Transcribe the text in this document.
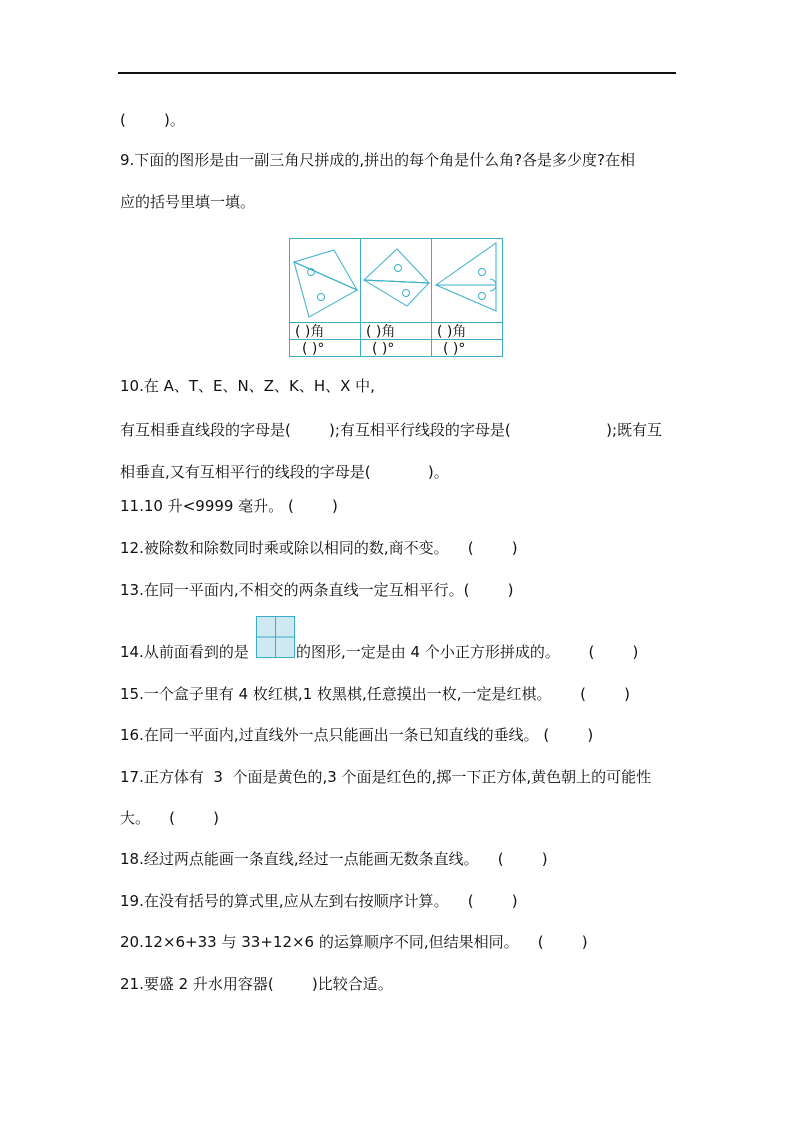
(        )。
9.下面的图形是由一副三角尺拼成的,拼出的每个角是什么角?各是多少度?在相
应的括号里填一填。
( )角	( )角	( )角
( )°	( )°	( )°
10.在 A、T、E、N、Z、K、H、X 中,
有互相垂直线段的字母是(        );有互相平行线段的字母是(                    );既有互
相垂直,又有互相平行的线段的字母是(            )。
11.10 升<9999 毫升。 (        )
12.被除数和除数同时乘或除以相同的数,商不变。    (        )
13.在同一平面内,不相交的两条直线一定互相平行。(        )
14.从前面看到的是	的图形,一定是由 4 个小正方形拼成的。      (        )
15.一个盒子里有 4 枚红棋,1 枚黑棋,任意摸出一枚,一定是红棋。      (        )
16.在同一平面内,过直线外一点只能画出一条已知直线的垂线。 (        )
17.正方体有  3  个面是黄色的,3 个面是红色的,掷一下正方体,黄色朝上的可能性
大。    (        )
18.经过两点能画一条直线,经过一点能画无数条直线。    (        )
19.在没有括号的算式里,应从左到右按顺序计算。    (        )
20.12×6+33 与 33+12×6 的运算顺序不同,但结果相同。    (        )
21.要盛 2 升水用容器(        )比较合适。
